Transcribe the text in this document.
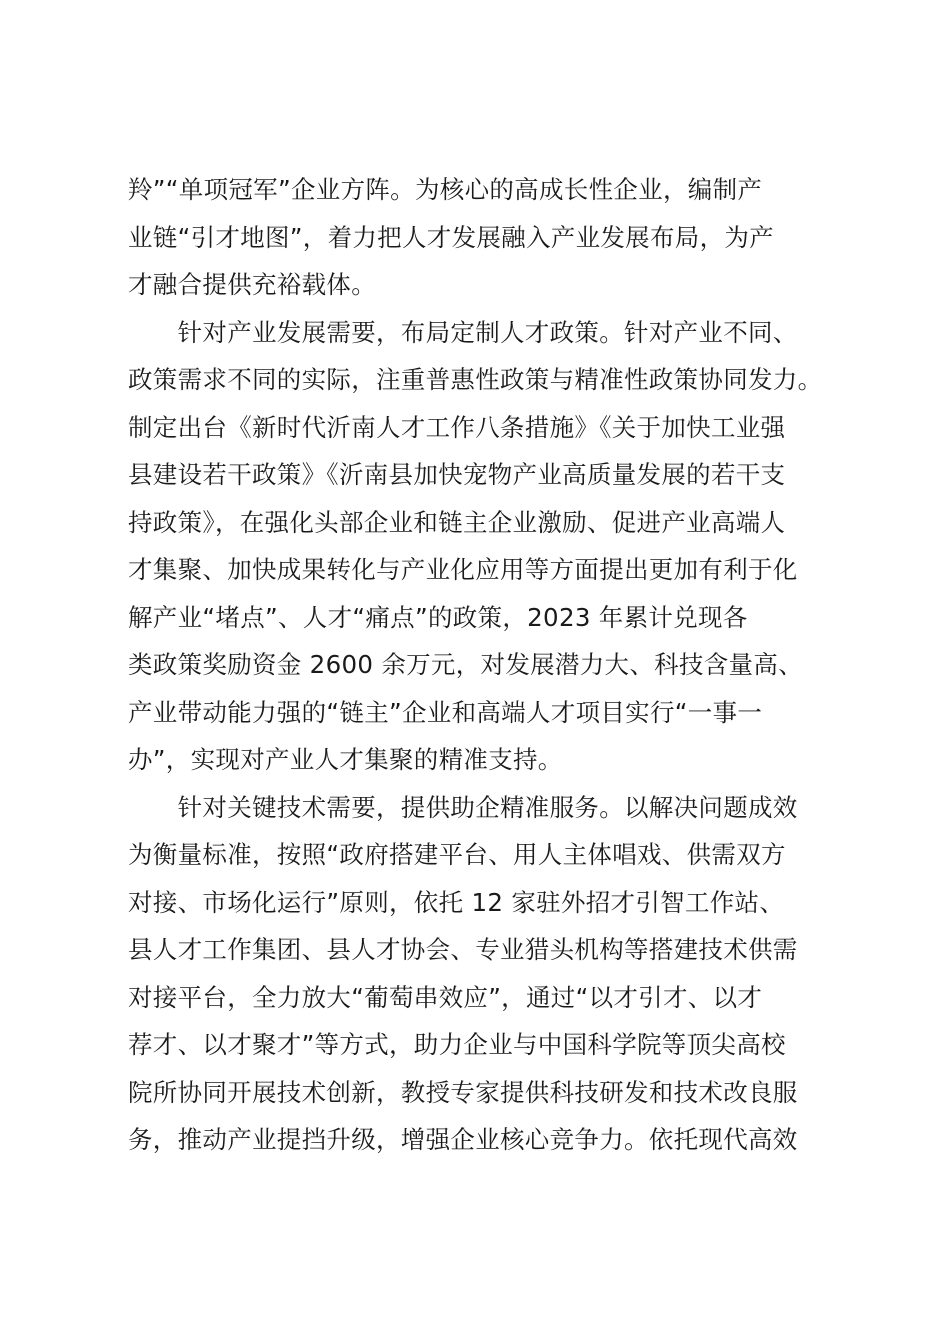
羚”“单项冠军”企业方阵。为核心的高成长性企业，编制产
业链“引才地图”，着力把人才发展融入产业发展布局，为产
才融合提供充裕载体。
　　针对产业发展需要，布局定制人才政策。针对产业不同、
政策需求不同的实际，注重普惠性政策与精准性政策协同发力。
制定出台《新时代沂南人才工作八条措施》《关于加快工业强
县建设若干政策》《沂南县加快宠物产业高质量发展的若干支
持政策》，在强化头部企业和链主企业激励、促进产业高端人
才集聚、加快成果转化与产业化应用等方面提出更加有利于化
解产业“堵点”、人才“痛点”的政策，2023 年累计兑现各
类政策奖励资金 2600 余万元，对发展潜力大、科技含量高、
产业带动能力强的“链主”企业和高端人才项目实行“一事一
办”，实现对产业人才集聚的精准支持。
　　针对关键技术需要，提供助企精准服务。以解决问题成效
为衡量标准，按照“政府搭建平台、用人主体唱戏、供需双方
对接、市场化运行”原则，依托 12 家驻外招才引智工作站、
县人才工作集团、县人才协会、专业猎头机构等搭建技术供需
对接平台，全力放大“葡萄串效应”，通过“以才引才、以才
荐才、以才聚才”等方式，助力企业与中国科学院等顶尖高校
院所协同开展技术创新，教授专家提供科技研发和技术改良服
务，推动产业提挡升级，增强企业核心竞争力。依托现代高效
